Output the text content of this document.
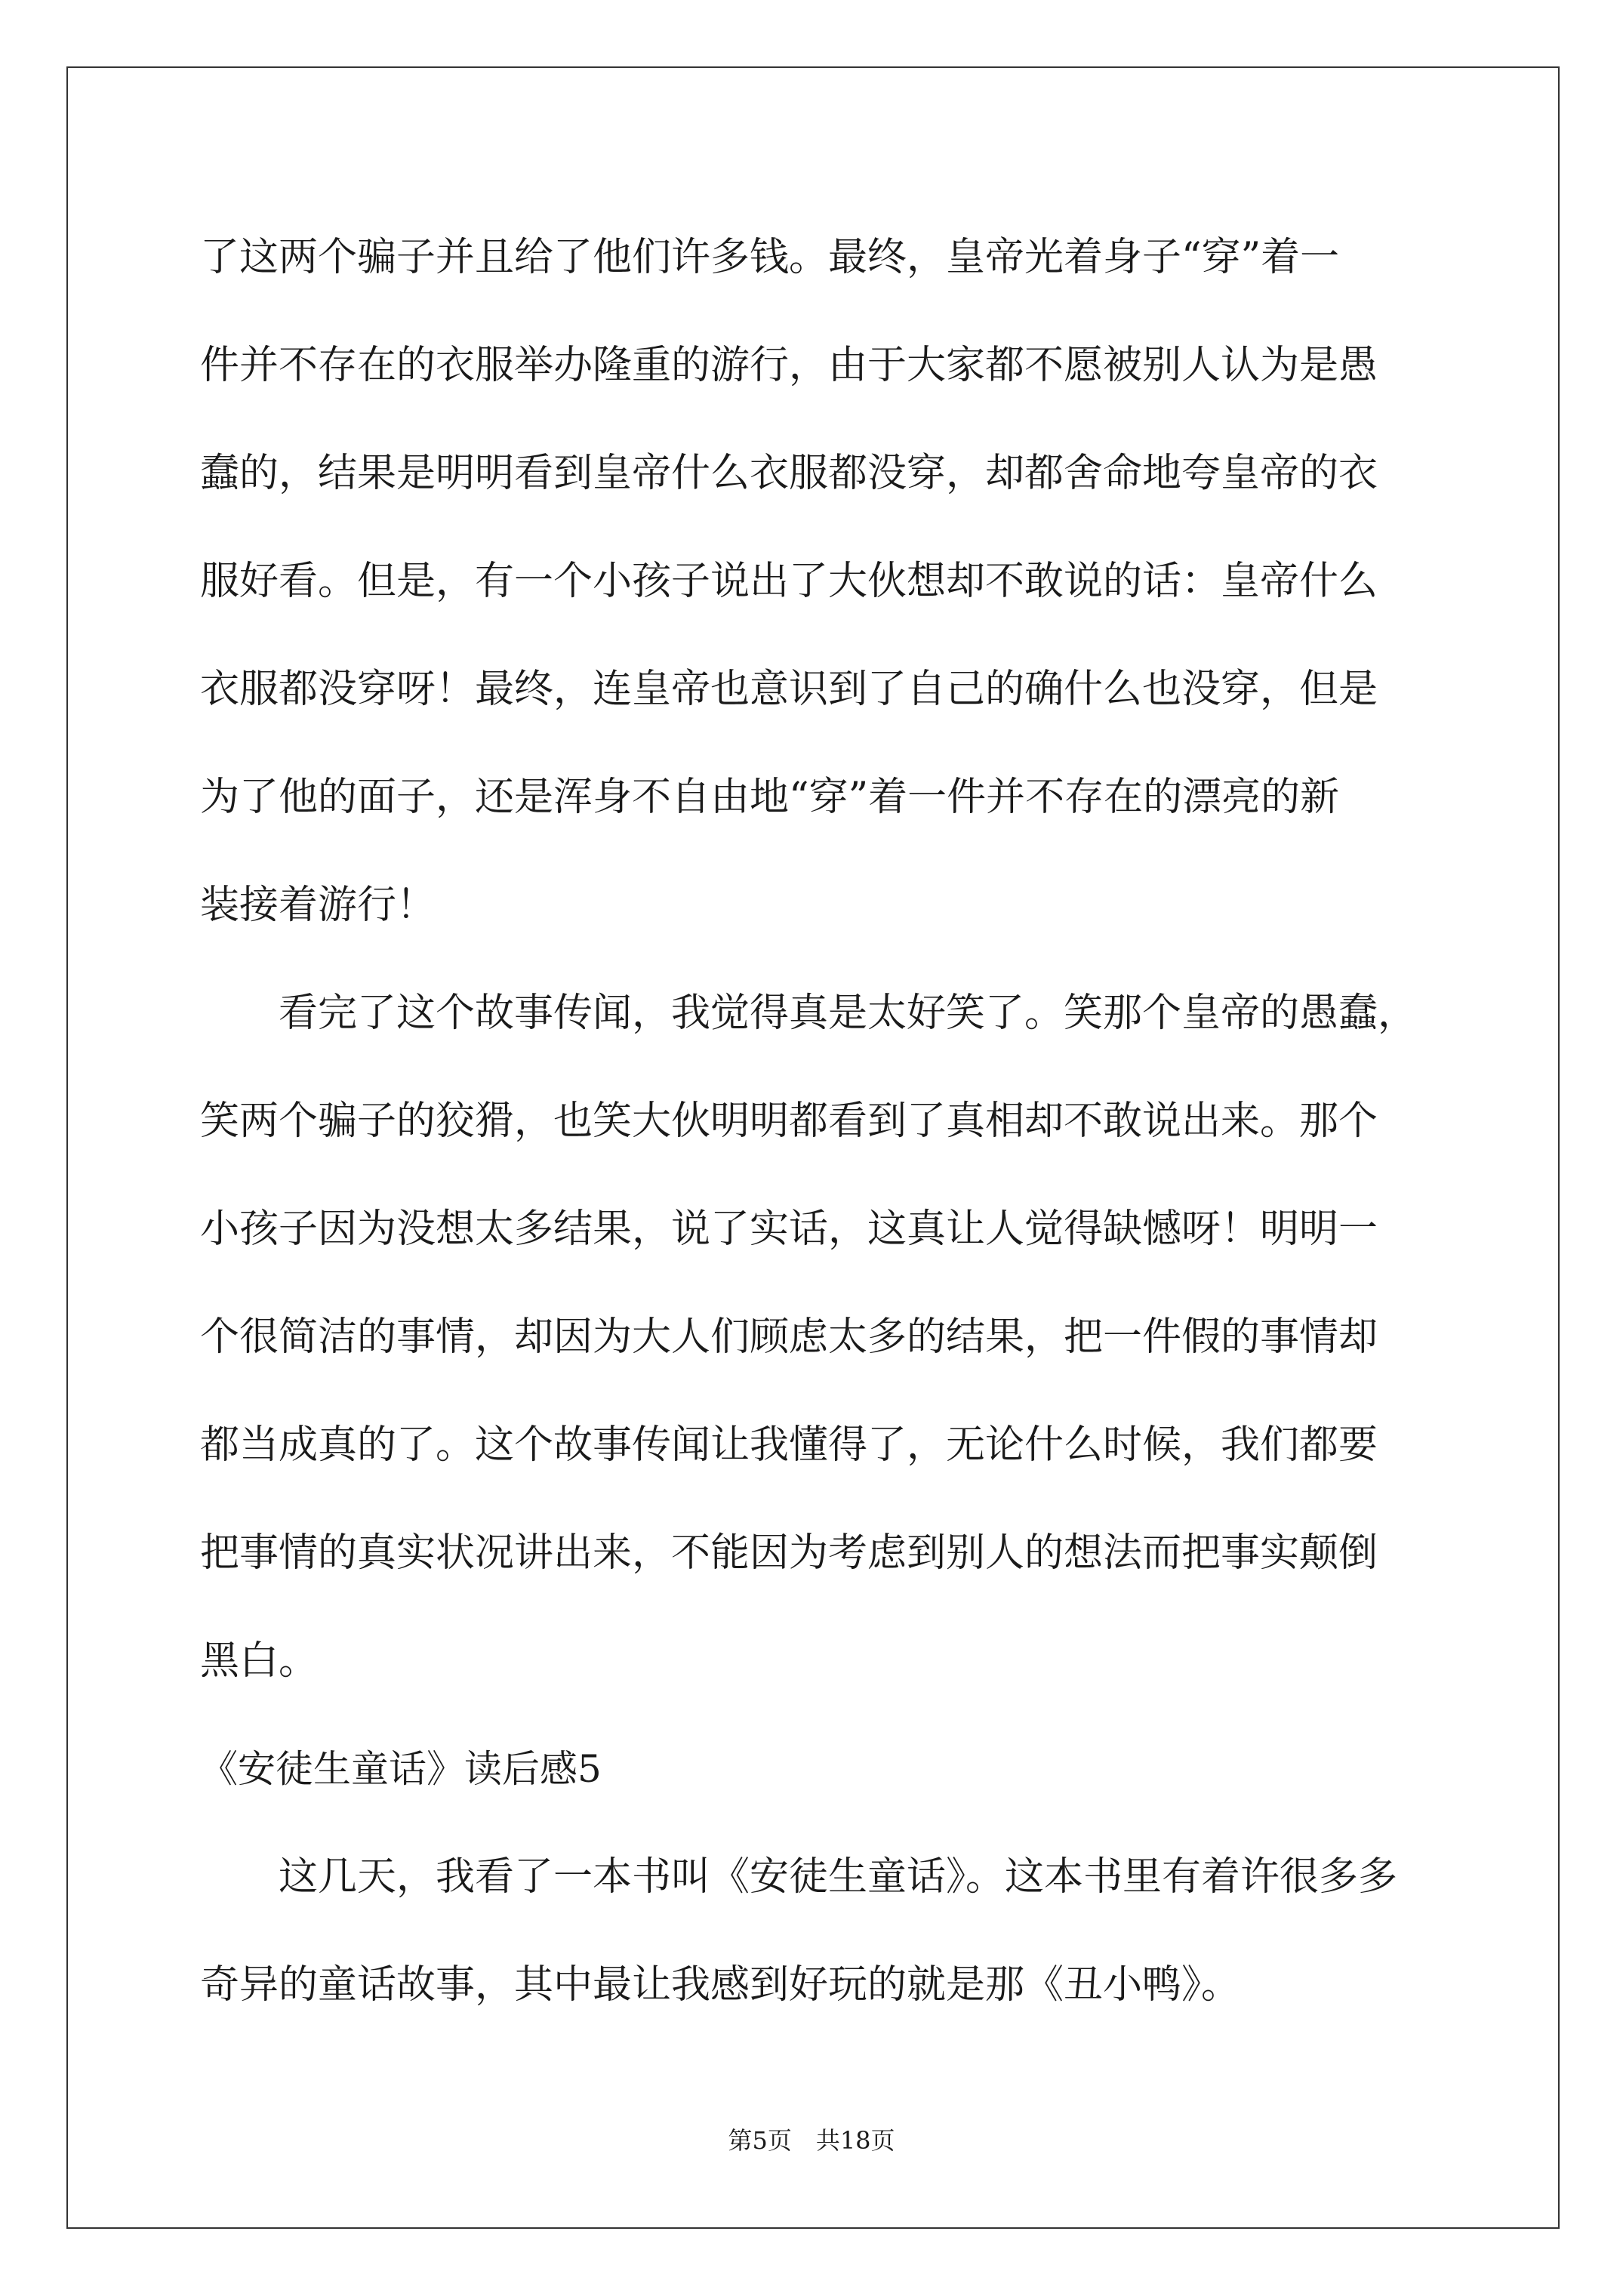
了这两个骗子并且给了他们许多钱。最终，皇帝光着身子“穿”着一
件并不存在的衣服举办隆重的游行，由于大家都不愿被别人认为是愚
蠢的，结果是明明看到皇帝什么衣服都没穿，却都舍命地夸皇帝的衣
服好看。但是，有一个小孩子说出了大伙想却不敢说的话：皇帝什么
衣服都没穿呀！最终，连皇帝也意识到了自己的确什么也没穿，但是
为了他的面子，还是浑身不自由地“穿”着一件并不存在的漂亮的新
装接着游行！
看完了这个故事传闻，我觉得真是太好笑了。笑那个皇帝的愚蠢，
笑两个骗子的狡猾，也笑大伙明明都看到了真相却不敢说出来。那个
小孩子因为没想太多结果，说了实话，这真让人觉得缺憾呀！明明一
个很简洁的事情，却因为大人们顾虑太多的结果，把一件假的事情却
都当成真的了。这个故事传闻让我懂得了，无论什么时候，我们都要
把事情的真实状况讲出来，不能因为考虑到别人的想法而把事实颠倒
黑白。
《安徒生童话》读后感5
这几天，我看了一本书叫《安徒生童话》。这本书里有着许很多多
奇异的童话故事，其中最让我感到好玩的就是那《丑小鸭》。
第5页　共18页
